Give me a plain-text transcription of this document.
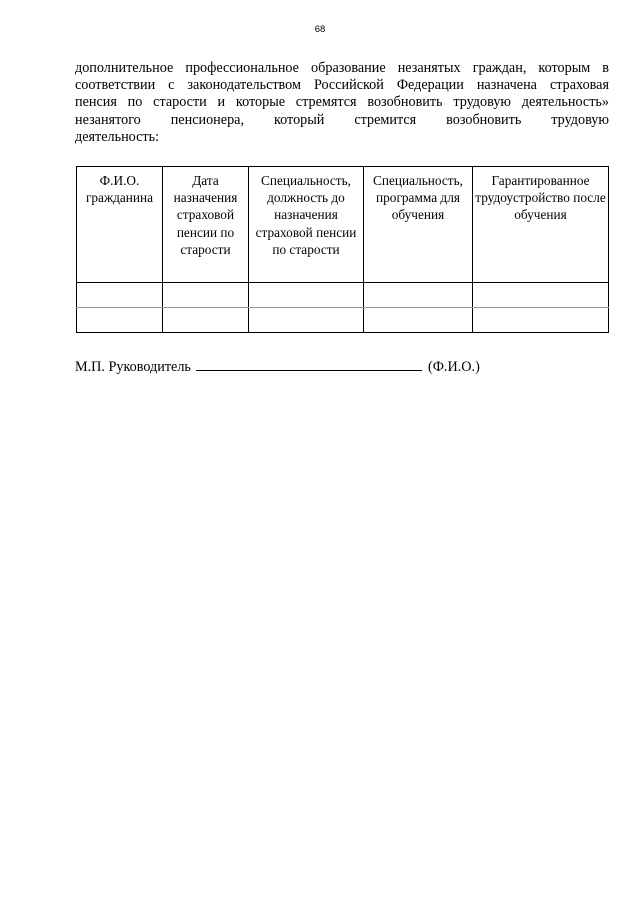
68

дополнительное профессиональное образование незанятых граждан, которым в
соответствии с законодательством Российской Федерации назначена страховая
пенсия по старости и которые стремятся возобновить трудовую деятельность»
незанятого пенсионера, который стремится возобновить трудовую
деятельность:

Ф.И.О. гражданина	Дата назначения страховой пенсии по старости	Специальность, должность до назначения страховой пенсии по старости	Специальность, программа для обучения	Гарантированное трудоустройство после обучения

М.П. Руководитель	(Ф.И.О.)
